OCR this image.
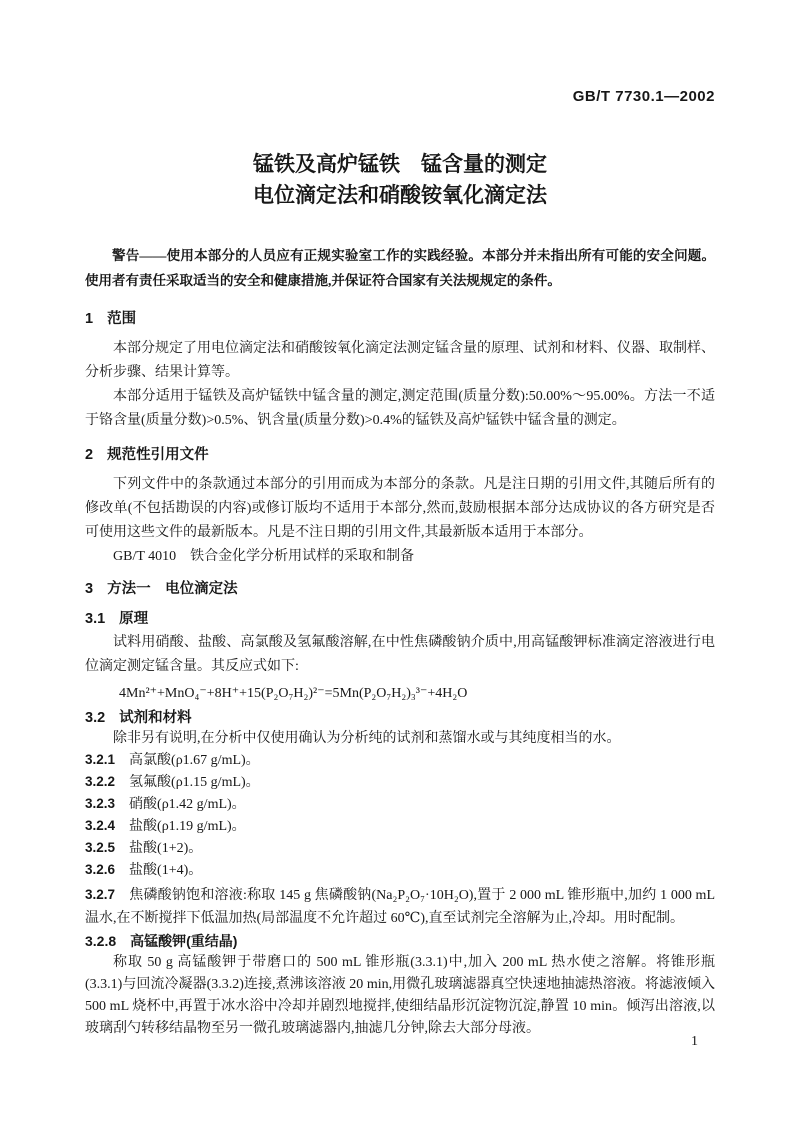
GB/T 7730.1—2002
锰铁及高炉锰铁　锰含量的测定
电位滴定法和硝酸铵氧化滴定法

警告——使用本部分的人员应有正规实验室工作的实践经验。本部分并未指出所有可能的安全问题。使用者有责任采取适当的安全和健康措施,并保证符合国家有关法规规定的条件。

1 范围

本部分规定了用电位滴定法和硝酸铵氧化滴定法测定锰含量的原理、试剂和材料、仪器、取制样、分析步骤、结果计算等。

本部分适用于锰铁及高炉锰铁中锰含量的测定,测定范围(质量分数):50.00%～95.00%。方法一不适于铬含量(质量分数)>0.5%、钒含量(质量分数)>0.4%的锰铁及高炉锰铁中锰含量的测定。

2 规范性引用文件

下列文件中的条款通过本部分的引用而成为本部分的条款。凡是注日期的引用文件,其随后所有的修改单(不包括勘误的内容)或修订版均不适用于本部分,然而,鼓励根据本部分达成协议的各方研究是否可使用这些文件的最新版本。凡是不注日期的引用文件,其最新版本适用于本部分。

GB/T 4010　铁合金化学分析用试样的采取和制备

3 方法一　电位滴定法
3.1 原理

试料用硝酸、盐酸、高氯酸及氢氟酸溶解,在中性焦磷酸钠介质中,用高锰酸钾标准滴定溶液进行电位滴定测定锰含量。其反应式如下:

4Mn²⁺+MnO₄⁻+8H⁺+15(P₂O₇H₂)²⁻=5Mn(P₂O₇H₂)₃³⁻+4H₂O
3.2 试剂和材料

除非另有说明,在分析中仅使用确认为分析纯的试剂和蒸馏水或与其纯度相当的水。

3.2.1 高氯酸(ρ1.67 g/mL)。

3.2.2 氢氟酸(ρ1.15 g/mL)。

3.2.3 硝酸(ρ1.42 g/mL)。

3.2.4 盐酸(ρ1.19 g/mL)。

3.2.5 盐酸(1+2)。

3.2.6 盐酸(1+4)。

3.2.7 焦磷酸钠饱和溶液:称取 145 g 焦磷酸钠(Na₂P₂O₇·10H₂O),置于 2 000 mL 锥形瓶中,加约 1 000 mL温水,在不断搅拌下低温加热(局部温度不允许超过 60℃),直至试剂完全溶解为止,冷却。用时配制。

3.2.8 高锰酸钾(重结晶)

称取 50 g 高锰酸钾于带磨口的 500 mL 锥形瓶(3.3.1)中,加入 200 mL 热水使之溶解。将锥形瓶(3.3.1)与回流冷凝器(3.3.2)连接,煮沸该溶液 20 min,用微孔玻璃滤器真空快速地抽滤热溶液。将滤液倾入 500 mL 烧杯中,再置于冰水浴中冷却并剧烈地搅拌,使细结晶形沉淀物沉淀,静置 10 min。倾泻出溶液,以玻璃刮勺转移结晶物至另一微孔玻璃滤器内,抽滤几分钟,除去大部分母液。

1
